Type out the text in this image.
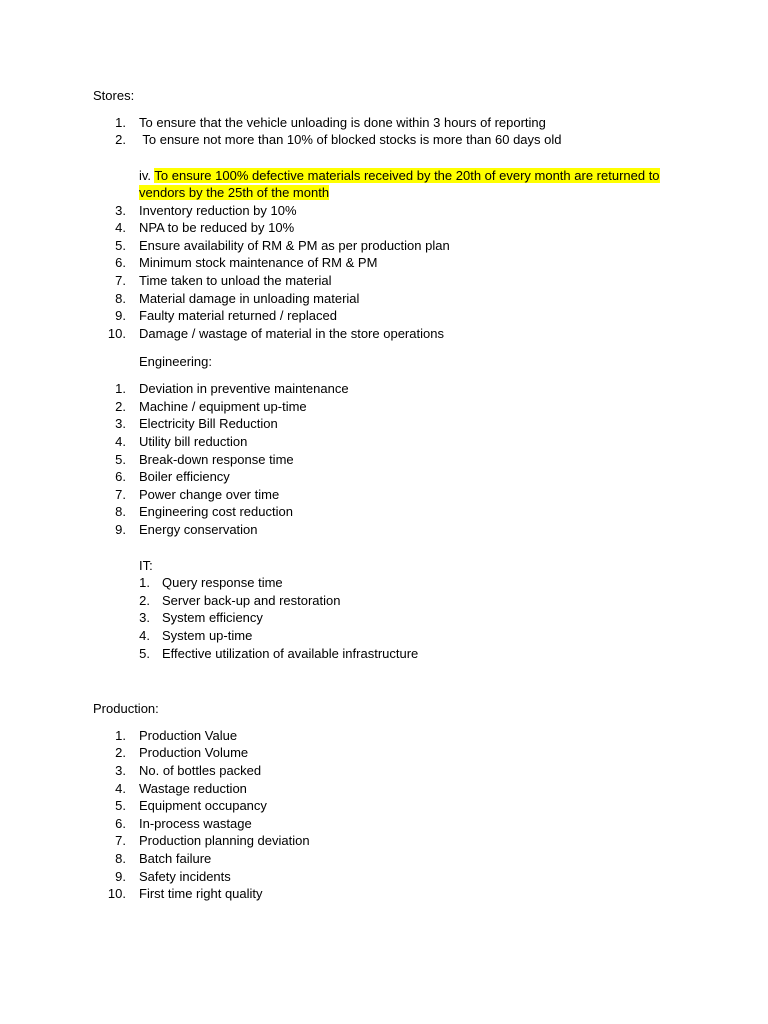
Stores:
1. To ensure that the vehicle unloading is done within 3 hours of reporting
2. To ensure not more than 10% of blocked stocks is more than 60 days old
iv. To ensure 100% defective materials received by the 20th of every month are returned to
vendors by the 25th of the month
3. Inventory reduction by 10%
4. NPA to be reduced by 10%
5. Ensure availability of RM & PM as per production plan
6. Minimum stock maintenance of RM & PM
7. Time taken to unload the material
8. Material damage in unloading material
9. Faulty material returned / replaced
10. Damage / wastage of material in the store operations
Engineering:
1. Deviation in preventive maintenance
2. Machine / equipment up-time
3. Electricity Bill Reduction
4. Utility bill reduction
5. Break-down response time
6. Boiler efficiency
7. Power change over time
8. Engineering cost reduction
9. Energy conservation
IT:
1. Query response time
2. Server back-up and restoration
3. System efficiency
4. System up-time
5. Effective utilization of available infrastructure
Production:
1. Production Value
2. Production Volume
3. No. of bottles packed
4. Wastage reduction
5. Equipment occupancy
6. In-process wastage
7. Production planning deviation
8. Batch failure
9. Safety incidents
10. First time right quality
